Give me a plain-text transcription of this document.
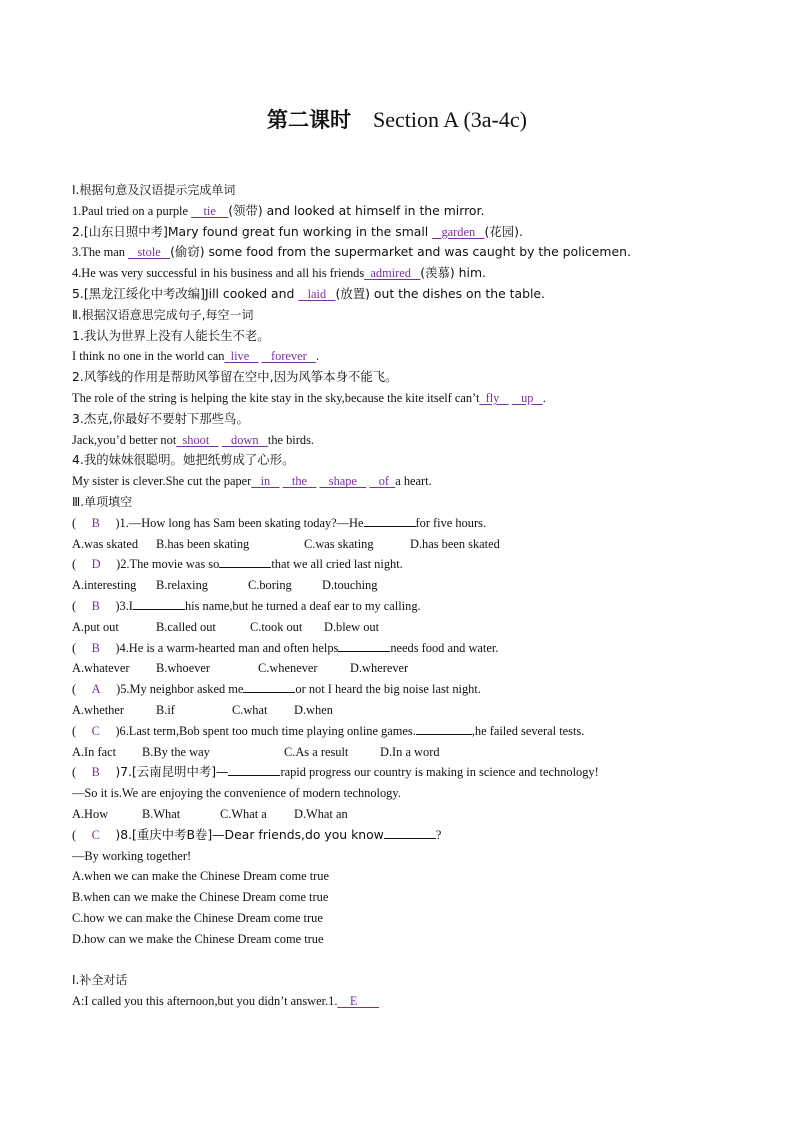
第二课时 Section A (3a-4c)
Ⅰ.根据句意及汉语提示完成单词
1.Paul tried on a purple     tie (领带) and looked at himself in the mirror.
2.[山东日照中考]Mary found great fun working in the small    garden (花园).
3.The man    stole (偷窃) some food from the supermarket and was caught by the policemen.
4.He was very successful in his business and all his friends admired (羡慕) him.
5.[黑龙江绥化中考改编]Jill cooked and    laid (放置) out the dishes on the table.
Ⅱ.根据汉语意思完成句子,每空一词
1.我认为世界上没有人能长生不老。
I think no one in the world can live forever .
2.风筝线的作用是帮助风筝留在空中,因为风筝本身不能飞。
The role of the string is helping the kite stay in the sky,because the kite itself can’t fly up .
3.杰克,你最好不要射下那些鸟。
Jack,you’d better not shoot down the birds.
4.我的妹妹很聪明。她把纸剪成了心形。
My sister is clever.She cut the paper in the shape of a heart.
Ⅲ.单项填空
(     B )1.—How long has Sam been skating today?—He	for five hours.
A.was skated B.has been skating	C.was skating	D.has been skated
(     D )2.The movie was so	that we all cried last night.
A.interesting B.relaxing	C.boring D.touching
(     B )3.I	his name,but he turned a deaf ear to my calling.
A.put out	B.called out	C.took out D.blew out
(     B )4.He is a warm-hearted man and often helps	needs food and water.
A.whatever B.whoever	C.whenever	D.wherever
(     A )5.My neighbor asked me	or not I heard the big noise last night.
A.whether	B.if	C.what D.when
(     C )6.Last term,Bob spent too much time playing online games.	,he failed several tests.
A.In fact B.By the way	C.As a result	D.In a word
(     B )7.[云南昆明中考]—	rapid progress our country is making in science and technology!
—So it is.We are enjoying the convenience of modern technology.
A.How	B.What	C.What a D.What an
(     C )8.[重庆中考B卷]—Dear friends,do you know	?
—By working together!
A.when we can make the Chinese Dream come true
B.when can we make the Chinese Dream come true
C.how we can make the Chinese Dream come true
D.how can we make the Chinese Dream come true
Ⅰ.补全对话
A:I called you this afternoon,but you didn’t answer.1. E
